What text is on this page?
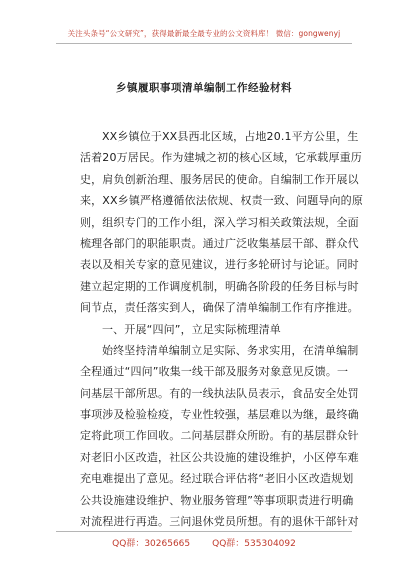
关注头条号“公文研究”，获得最新最全最专业的公文资料库！ 微信：gongwenyj
乡镇履职事项清单编制工作经验材料
XX乡镇位于XX县西北区域，占地20.1平方公里，生
活着20万居民。作为建城之初的核心区域，它承载厚重历
史，肩负创新治理、服务居民的使命。自编制工作开展以
来，XX乡镇严格遵循依法依规、权责一致、问题导向的原
则，组织专门的工作小组，深入学习相关政策法规，全面
梳理各部门的职能职责。通过广泛收集基层干部、群众代
表以及相关专家的意见建议，进行多轮研讨与论证。同时
建立起定期的工作调度机制，明确各阶段的任务目标与时
间节点，责任落实到人，确保了清单编制工作有序推进。
一、开展“四问”，立足实际梳理清单
始终坚持清单编制立足实际、务求实用，在清单编制
全程通过“四问”收集一线干部及服务对象意见反馈。一
问基层干部所思。有的一线执法队员表示，食品安全处罚
事项涉及检验检疫，专业性较强，基层难以为继，最终确
定将此项工作回收。二问基层群众所盼。有的基层群众针
对老旧小区改造，社区公共设施的建设维护，小区停车难
充电难提出了意见。经过联合评估将“老旧小区改造规划
公共设施建设维护、物业服务管理”等事项职责进行明确
对流程进行再造。三问退休党员所想。有的退休干部针对
QQ群：30265665 QQ群：535304092
